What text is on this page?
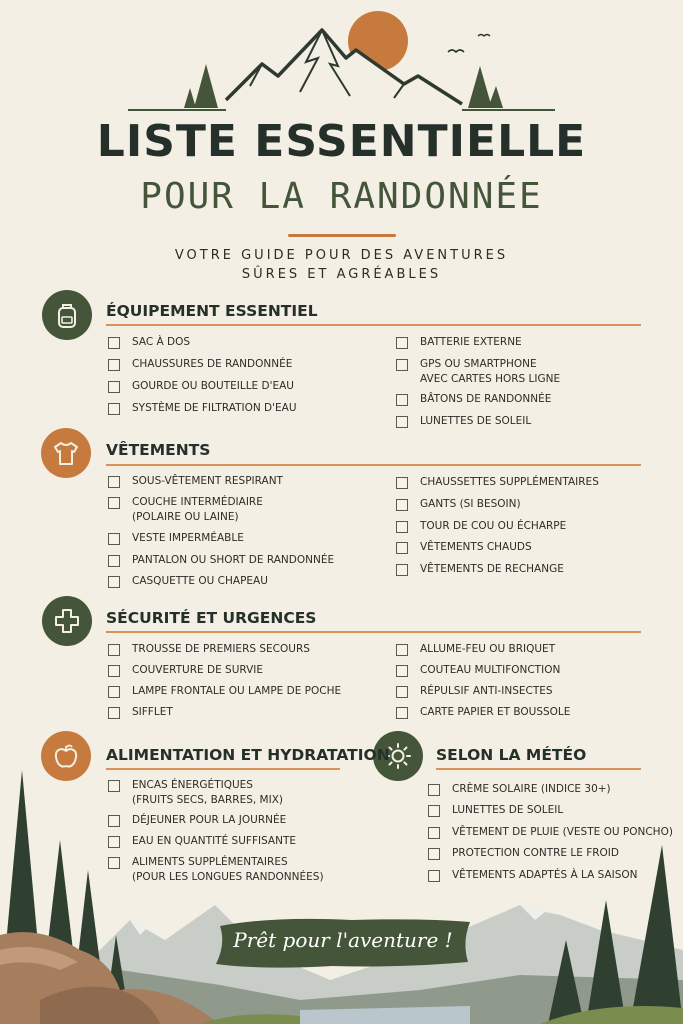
LISTE ESSENTIELLE
POUR LA RANDONNÉE
VOTRE GUIDE POUR DES AVENTURES
SÛRES ET AGRÉABLES
ÉQUIPEMENT ESSENTIEL
VÊTEMENTS
SÉCURITÉ ET URGENCES
ALIMENTATION ET HYDRATATION	SELON LA MÉTÉO
SAC À DOS
CHAUSSURES DE RANDONNÉE
GOURDE OU BOUTEILLE D'EAU
SYSTÈME DE FILTRATION D'EAU
BATTERIE EXTERNE
GPS OU SMARTPHONE
AVEC CARTES HORS LIGNE
BÂTONS DE RANDONNÉE
LUNETTES DE SOLEIL
SOUS-VÊTEMENT RESPIRANT
COUCHE INTERMÉDIAIRE
(POLAIRE OU LAINE)
VESTE IMPERMÉABLE
PANTALON OU SHORT DE RANDONNÉE
CASQUETTE OU CHAPEAU
CHAUSSETTES SUPPLÉMENTAIRES
GANTS (SI BESOIN)
TOUR DE COU OU ÉCHARPE
VÊTEMENTS CHAUDS
VÊTEMENTS DE RECHANGE
TROUSSE DE PREMIERS SECOURS
COUVERTURE DE SURVIE
LAMPE FRONTALE OU LAMPE DE POCHE
SIFFLET
ALLUME-FEU OU BRIQUET
COUTEAU MULTIFONCTION
RÉPULSIF ANTI-INSECTES
CARTE PAPIER ET BOUSSOLE
ENCAS ÉNERGÉTIQUES
(FRUITS SECS, BARRES, MIX)
DÉJEUNER POUR LA JOURNÉE
EAU EN QUANTITÉ SUFFISANTE
ALIMENTS SUPPLÉMENTAIRES
(POUR LES LONGUES RANDONNÉES)
CRÈME SOLAIRE (INDICE 30+)
LUNETTES DE SOLEIL
VÊTEMENT DE PLUIE (VESTE OU PONCHO)
PROTECTION CONTRE LE FROID
VÊTEMENTS ADAPTÉS À LA SAISON
Prêt pour l'aventure !
